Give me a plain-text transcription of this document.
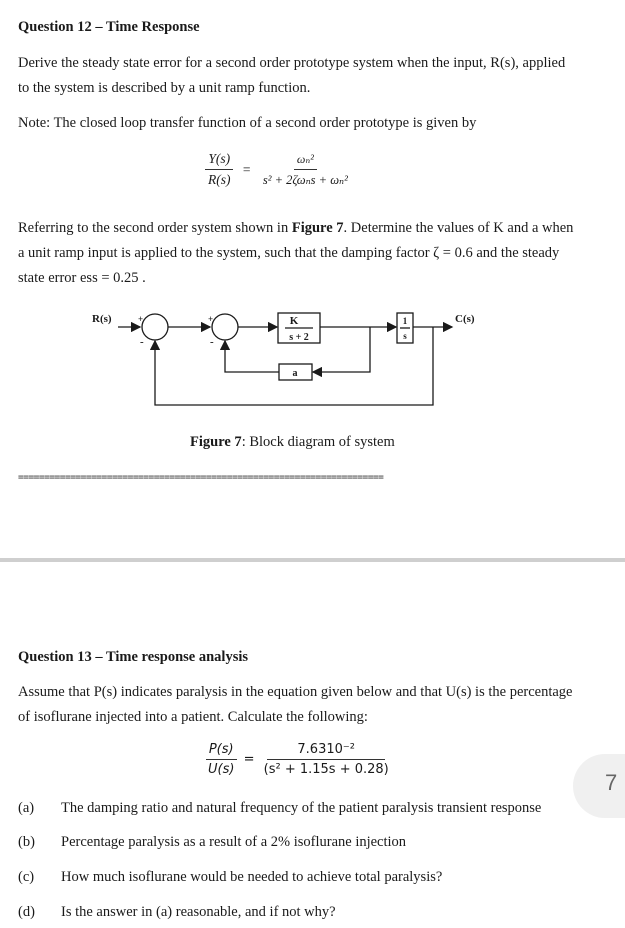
Question 12 – Time Response
Derive the steady state error for a second order prototype system when the input, R(s), applied to the system is described by a unit ramp function.
Note: The closed loop transfer function of a second order prototype is given by
$\frac{Y(s)}{R(s)} = \frac{\text{ωₙ²}}{\text{s² + 2ζωₙs + ωₙ²}}$
Referring to the second order system shown in Figure 7. Determine the values of K and a when a unit ramp input is applied to the system, such that the damping factor ζ = 0.6 and the steady state error ess = 0.25 .
R(s)	C(s)
K
s + 2
1
s
a
+
-
+
-
Figure 7: Block diagram of system
======================================================================
Question 13 – Time response analysis
Assume that P(s) indicates paralysis in the equation given below and that U(s) is the percentage of isoflurane injected into a patient. Calculate the following:
$\frac{P(s)}{U(s)} = \frac{\text{7.6310⁻²}}{\text{(s² + 1.15s + 0.28)}}$
(a) The damping ratio and natural frequency of the patient paralysis transient response
(b) Percentage paralysis as a result of a 2% isoflurane injection
(c) How much isoflurane would be needed to achieve total paralysis?
(d) Is the answer in (a) reasonable, and if not why?
7
